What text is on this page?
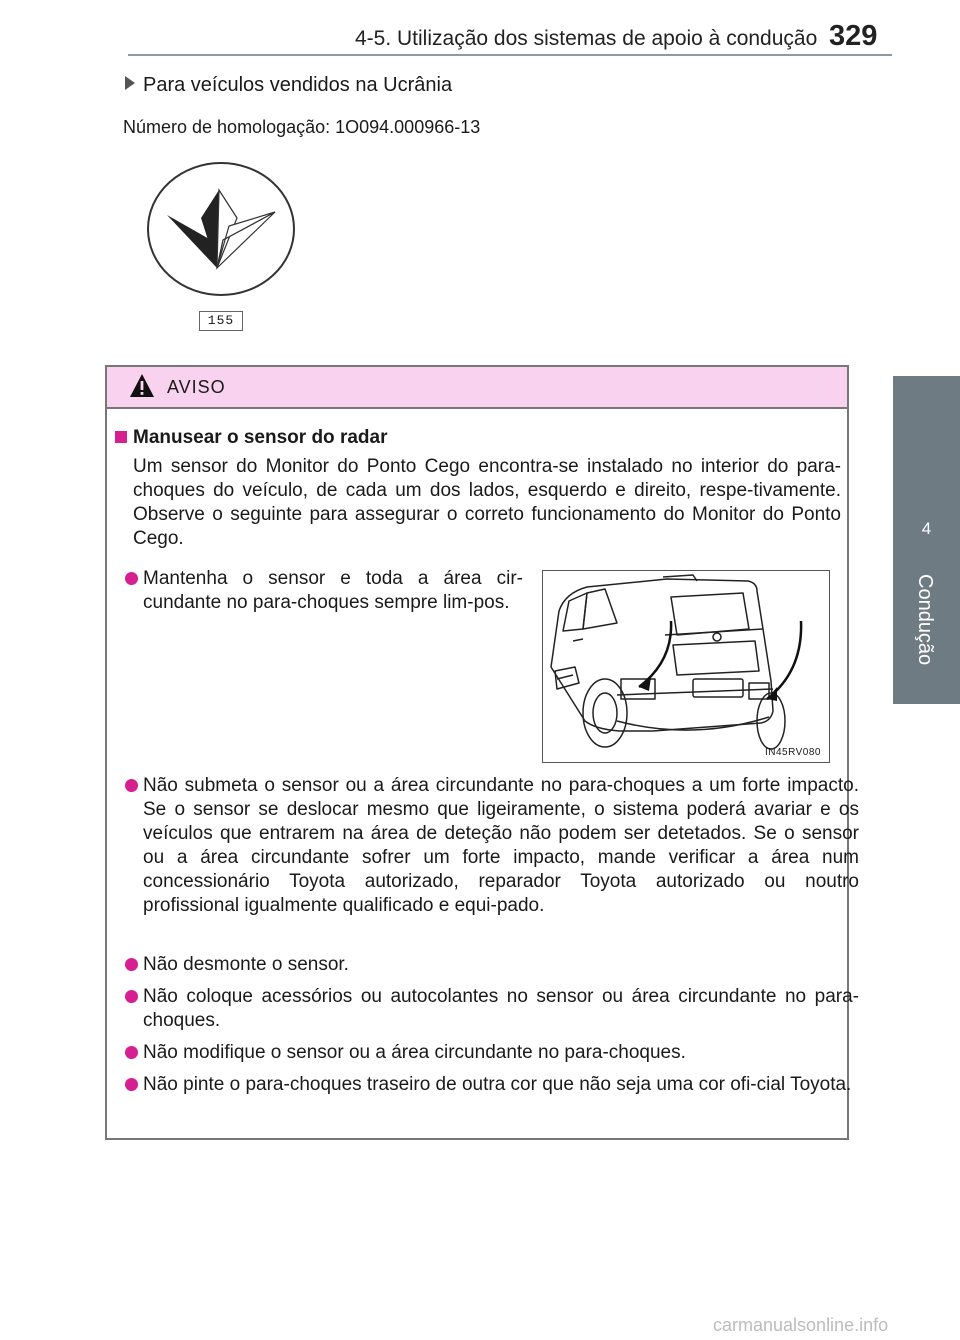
4-5. Utilização dos sistemas de apoio à condução 329
4
Condução
Para veículos vendidos na Ucrânia
Número de homologação: 1O094.000966-13
155
AVISO
Manusear o sensor do radar
Um sensor do Monitor do Ponto Cego encontra-se instalado no interior do para-choques do veículo, de cada um dos lados, esquerdo e direito, respe-tivamente. Observe o seguinte para assegurar o correto funcionamento do Monitor do Ponto Cego.
Mantenha o sensor e toda a área cir-cundante no para-choques sempre lim-pos.
IN45RV080
Não submeta o sensor ou a área circundante no para-choques a um forte impacto. Se o sensor se deslocar mesmo que ligeiramente, o sistema poderá avariar e os veículos que entrarem na área de deteção não podem ser detetados. Se o sensor ou a área circundante sofrer um forte impacto, mande verificar a área num concessionário Toyota autorizado, reparador Toyota autorizado ou noutro profissional igualmente qualificado e equi-pado.
Não desmonte o sensor.
Não coloque acessórios ou autocolantes no sensor ou área circundante no para-choques.
Não modifique o sensor ou a área circundante no para-choques.
Não pinte o para-choques traseiro de outra cor que não seja uma cor ofi-cial Toyota.
carmanualsonline.info
